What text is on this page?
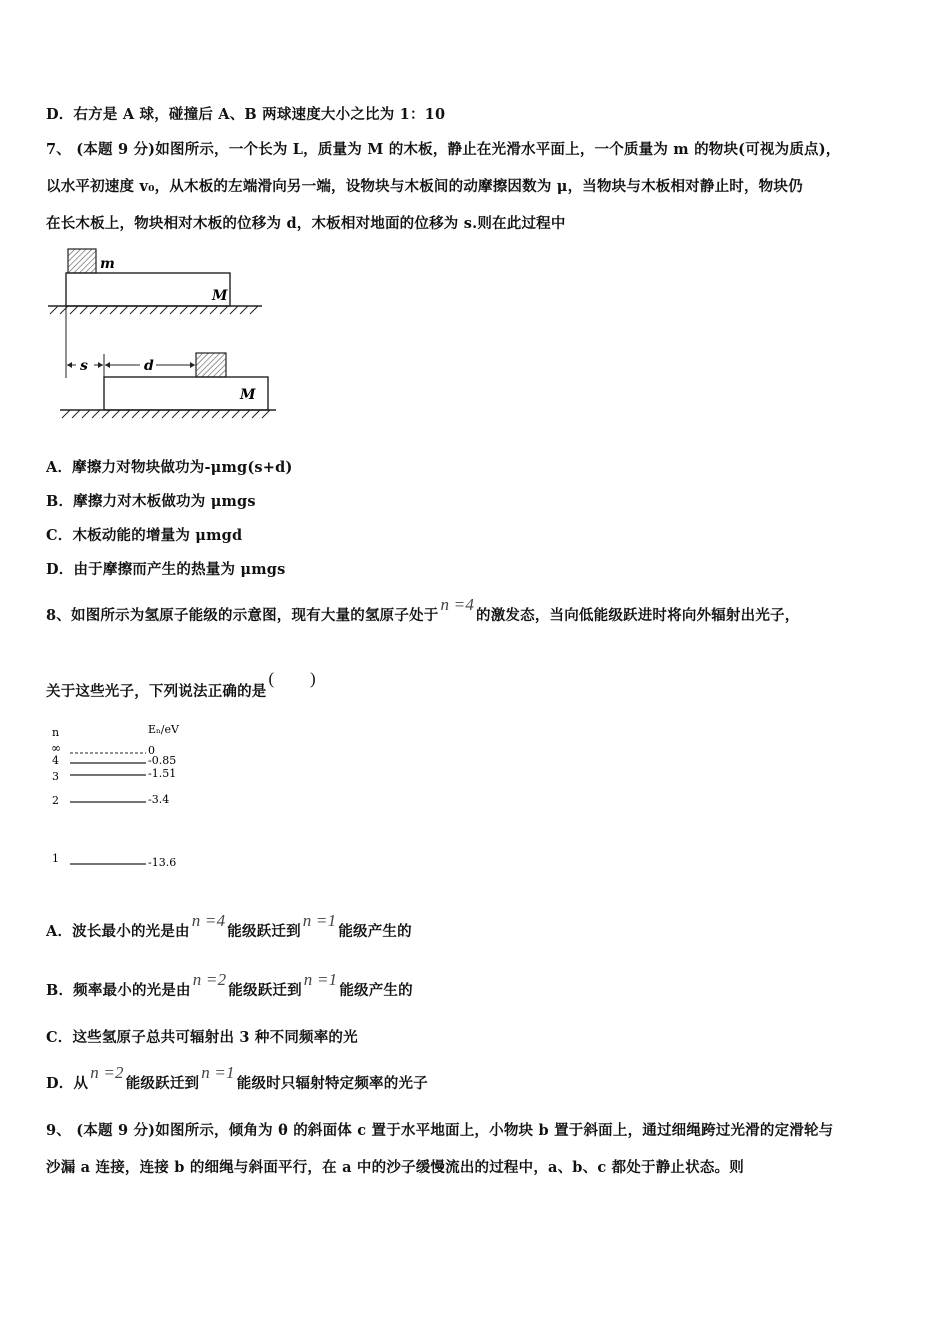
D．右方是 A 球，碰撞后 A、B 两球速度大小之比为 1：10
7、 (本题 9 分)如图所示，一个长为 L，质量为 M 的木板，静止在光滑水平面上，一个质量为 m 的物块(可视为质点)，
以水平初速度 v₀，从木板的左端滑向另一端，设物块与木板间的动摩擦因数为 μ，当物块与木板相对静止时，物块仍
在长木板上，物块相对木板的位移为 d，木板相对地面的位移为 s.则在此过程中
m
M
s	d
M
A．摩擦力对物块做功为-μmg(s+d)
B．摩擦力对木板做功为 μmgs
C．木板动能的增量为 μmgd
D．由于摩擦而产生的热量为 μmgs
8、如图所示为氢原子能级的示意图，现有大量的氢原子处于n =4的激发态，当向低能级跃进时将向外辐射出光子，
关于这些光子，下列说法正确的是(        )
n	Eₙ/eV
∞	0
4	-0.85
3	-1.51
2	-3.4
1	-13.6
A．波长最小的光是由n =4能级跃迁到n =1能级产生的
B．频率最小的光是由n =2能级跃迁到n =1能级产生的
C．这些氢原子总共可辐射出 3 种不同频率的光
D．从n =2能级跃迁到n =1能级时只辐射特定频率的光子
9、 (本题 9 分)如图所示，倾角为 θ 的斜面体 c 置于水平地面上，小物块 b 置于斜面上，通过细绳跨过光滑的定滑轮与
沙漏 a 连接，连接 b 的细绳与斜面平行，在 a 中的沙子缓慢流出的过程中，a、b、c 都处于静止状态。则
